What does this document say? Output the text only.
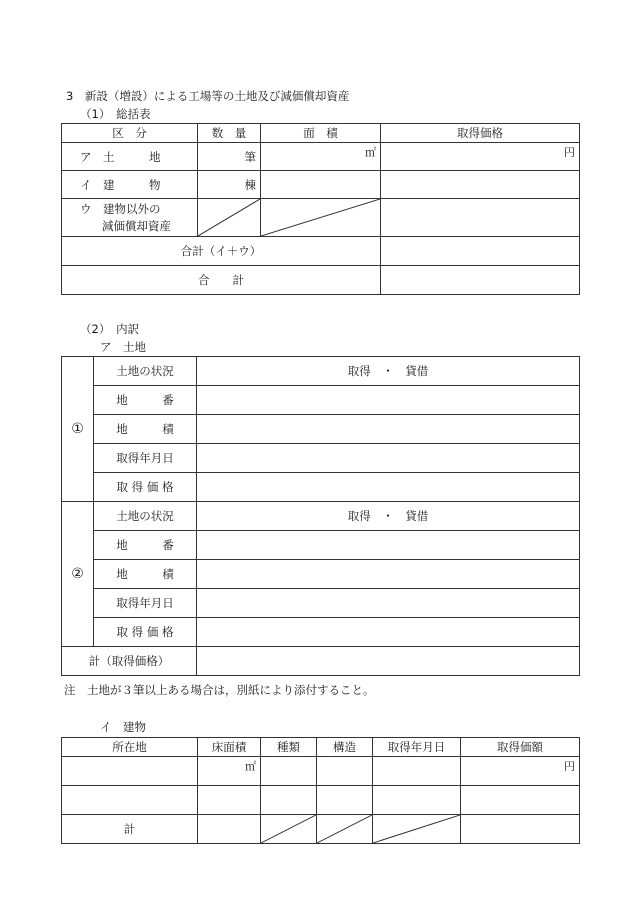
3　新設（増設）による工場等の土地及び減価償却資産
（1）　総括表
区　分	数　量	面　積	取得価格
ア　土　　　地	筆	㎡	円

イ　建　　　物	棟		

ウ　建物以外の
減価償却資産

合計（イ＋ウ）			
合　　計			
（2）　内訳
ア　土地
①	土地の状況	取得　・　貸借
	地　　　番	
	地　　　積	
	取得年月日	
	取 得 価 格	
②	土地の状況	取得　・　貸借
	地　　　番	
	地　　　積	
	取得年月日	
	取 得 価 格	
計（取得価格）		
注　土地が３筆以上ある場合は，別紙により添付すること。
イ　建物
所在地	床面積	種類	構造	取得年月日	取得価額

	㎡				円

計		
